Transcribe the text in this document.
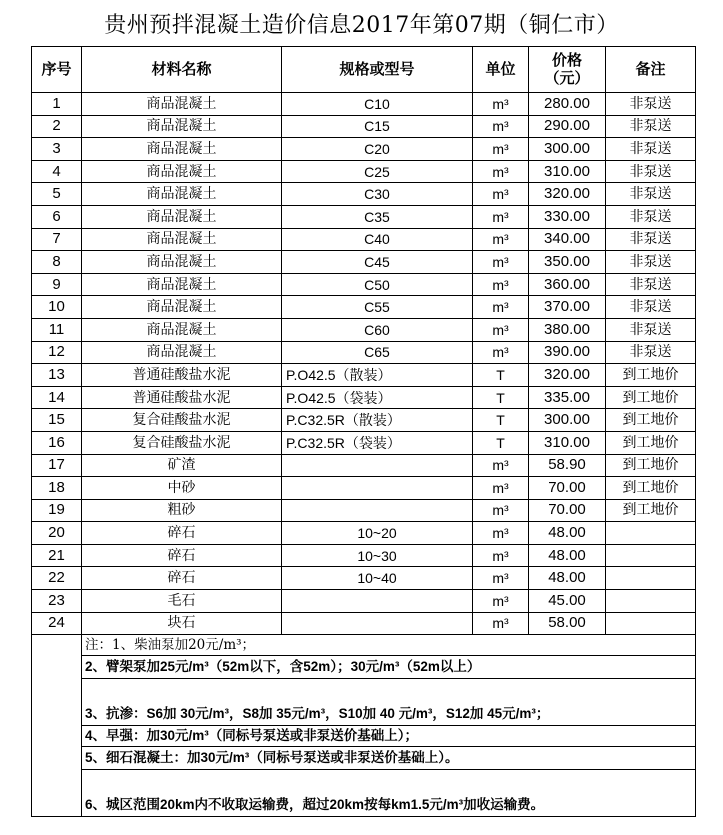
贵州预拌混凝土造价信息2017年第07期（铜仁市）
序号	材料名称	规格或型号	单位	价格（元）	备注
1	商品混凝土	C10	m³	280.00	非泵送
2	商品混凝土	C15	m³	290.00	非泵送
3	商品混凝土	C20	m³	300.00	非泵送
4	商品混凝土	C25	m³	310.00	非泵送
5	商品混凝土	C30	m³	320.00	非泵送
6	商品混凝土	C35	m³	330.00	非泵送
7	商品混凝土	C40	m³	340.00	非泵送
8	商品混凝土	C45	m³	350.00	非泵送
9	商品混凝土	C50	m³	360.00	非泵送
10	商品混凝土	C55	m³	370.00	非泵送
11	商品混凝土	C60	m³	380.00	非泵送
12	商品混凝土	C65	m³	390.00	非泵送
13	普通硅酸盐水泥	P.O42.5（散装）	T	320.00	到工地价
14	普通硅酸盐水泥	P.O42.5（袋装）	T	335.00	到工地价
15	复合硅酸盐水泥	P.C32.5R（散装）	T	300.00	到工地价
16	复合硅酸盐水泥	P.C32.5R（袋装）	T	310.00	到工地价
17	矿渣		m³	58.90	到工地价
18	中砂		m³	70.00	到工地价
19	粗砂		m³	70.00	到工地价
20	碎石	10~20	m³	48.00	
21	碎石	10~30	m³	48.00	
22	碎石	10~40	m³	48.00	
23	毛石		m³	45.00	
24	块石		m³	58.00	
	注：1、柴油泵加20元/m³；				
	2、臂架泵加25元/m³（52m以下，含52m）；30元/m³（52m以上）				
	3、抗渗：S6加 30元/m³，S8加 35元/m³，S10加 40 元/m³，S12加 45元/m³；				
	4、早强：加30元/m³（同标号泵送或非泵送价基础上）；				
	5、细石混凝土：加30元/m³（同标号泵送或非泵送价基础上）。				
	6、城区范围20km内不收取运输费，超过20km按每km1.5元/m³加收运输费。				
